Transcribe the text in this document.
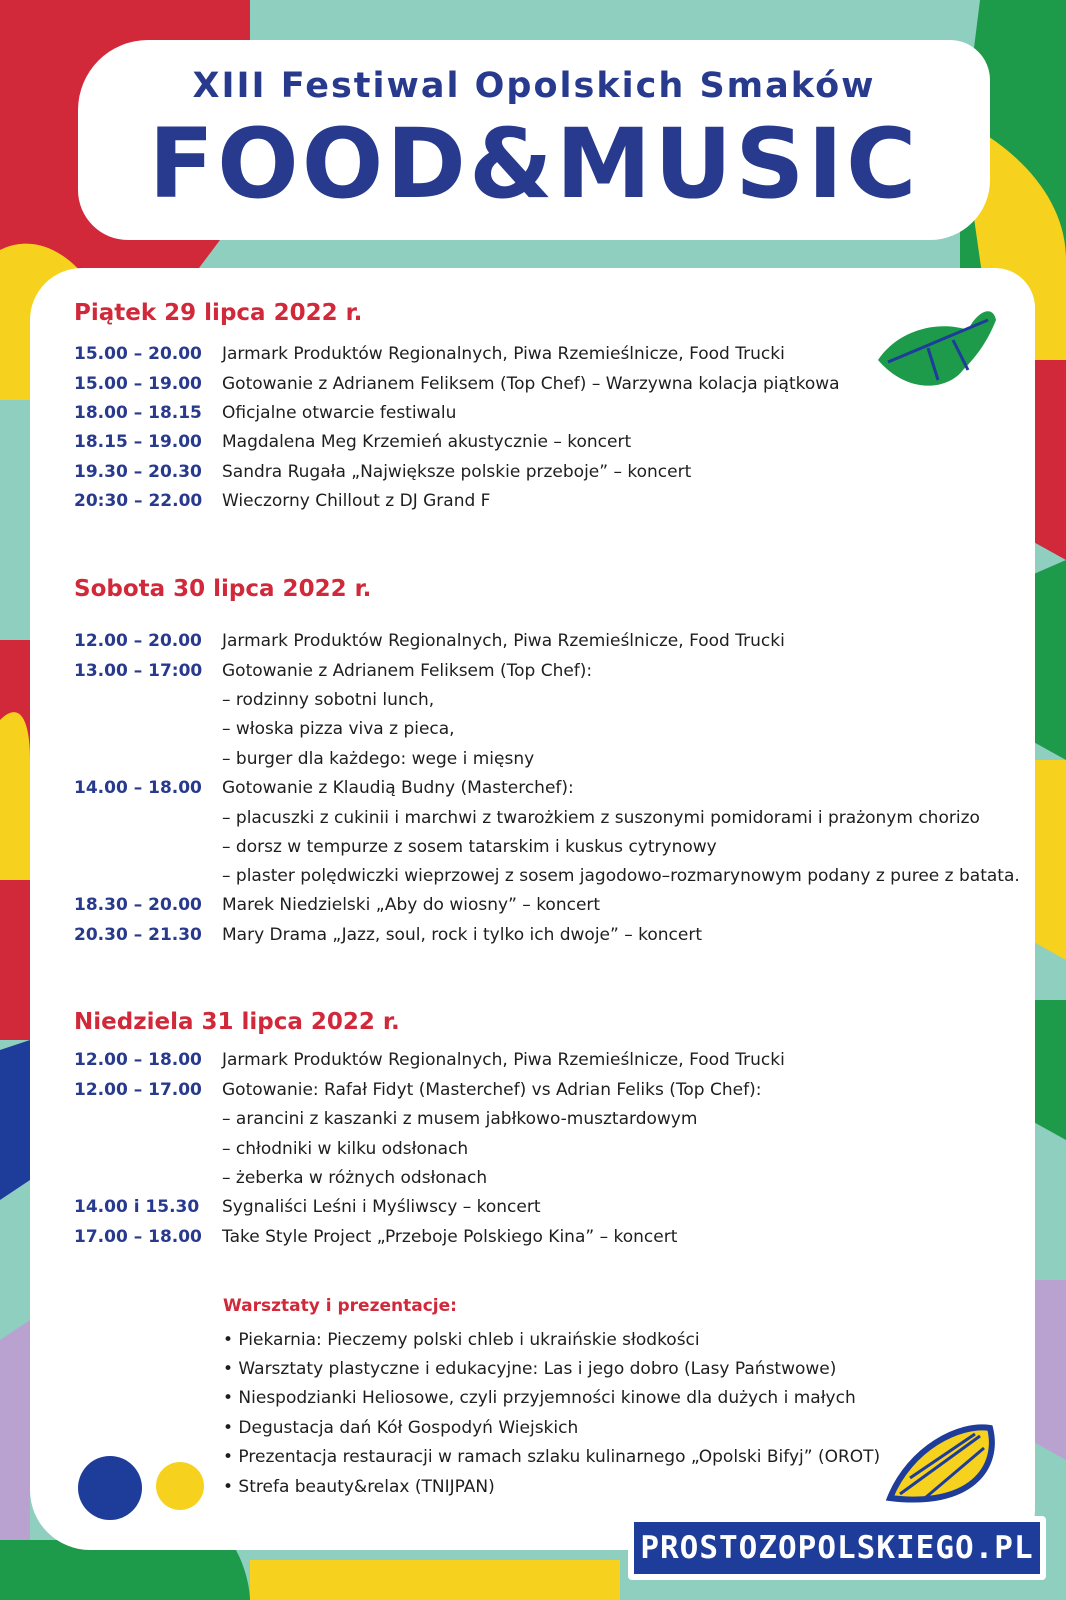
XIII Festiwal Opolskich Smaków
FOOD&MUSIC
Piątek 29 lipca 2022 r.
15.00 – 20.00	Jarmark Produktów Regionalnych, Piwa Rzemieślnicze, Food Trucki
15.00 – 19.00	Gotowanie z Adrianem Feliksem (Top Chef) – Warzywna kolacja piątkowa
18.00 – 18.15	Oficjalne otwarcie festiwalu
18.15 – 19.00	Magdalena Meg Krzemień akustycznie – koncert
19.30 – 20.30	Sandra Rugała „Największe polskie przeboje” – koncert
20:30 – 22.00	Wieczorny Chillout z DJ Grand F
Sobota 30 lipca 2022 r.
12.00 – 20.00	Jarmark Produktów Regionalnych, Piwa Rzemieślnicze, Food Trucki
13.00 – 17:00	Gotowanie z Adrianem Feliksem (Top Chef):
– rodzinny sobotni lunch,
– włoska pizza viva z pieca,
– burger dla każdego: wege i mięsny
14.00 – 18.00	Gotowanie z Klaudią Budny (Masterchef):
– placuszki z cukinii i marchwi z twarożkiem z suszonymi pomidorami i prażonym chorizo
– dorsz w tempurze z sosem tatarskim i kuskus cytrynowy
– plaster polędwiczki wieprzowej z sosem jagodowo–rozmarynowym podany z puree z batata.
18.30 – 20.00	Marek Niedzielski „Aby do wiosny” – koncert
20.30 – 21.30	Mary Drama „Jazz, soul, rock i tylko ich dwoje” – koncert
Niedziela 31 lipca 2022 r.
12.00 – 18.00	Jarmark Produktów Regionalnych, Piwa Rzemieślnicze, Food Trucki
12.00 – 17.00	Gotowanie: Rafał Fidyt (Masterchef) vs Adrian Feliks (Top Chef):
– arancini z kaszanki z musem jabłkowo-musztardowym
– chłodniki w kilku odsłonach
– żeberka w różnych odsłonach
14.00 i 15.30	Sygnaliści Leśni i Myśliwscy – koncert
17.00 – 18.00	Take Style Project „Przeboje Polskiego Kina” – koncert
Warsztaty i prezentacje:
• Piekarnia: Pieczemy polski chleb i ukraińskie słodkości
• Warsztaty plastyczne i edukacyjne: Las i jego dobro (Lasy Państwowe)
• Niespodzianki Heliosowe, czyli przyjemności kinowe dla dużych i małych
• Degustacja dań Kół Gospodyń Wiejskich
• Prezentacja restauracji w ramach szlaku kulinarnego „Opolski Bifyj” (OROT)
• Strefa beauty&relax (TNIJPAN)
PROSTOZOPOLSKIEGO.PL
